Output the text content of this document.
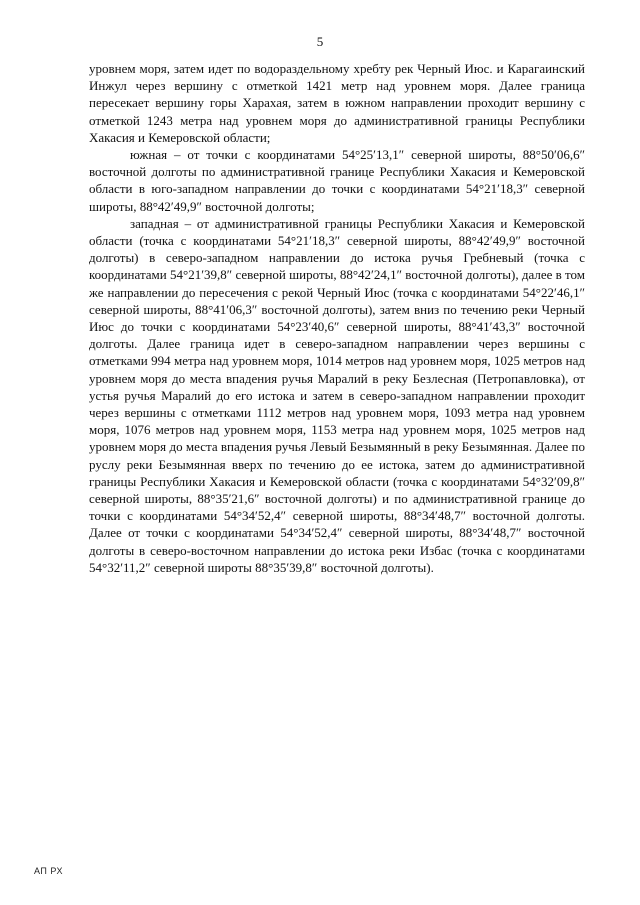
5

уровнем моря, затем идет по водораздельному хребту рек Черный Июс. и Карагаинский Инжул через вершину с отметкой 1421 метр над уровнем моря. Далее граница пересекает вершину горы Харахая, затем в южном направлении проходит вершину с отметкой 1243 метра над уровнем моря до административной границы Республики Хакасия и Кемеровской области;

южная – от точки с координатами 54°25′13,1″ северной широты, 88°50′06,6″ восточной долготы по административной границе Республики Хакасия и Кемеровской области в юго-западном направлении до точки с координатами 54°21′18,3″ северной широты, 88°42′49,9″ восточной долготы;

западная – от административной границы Республики Хакасия и Кемеровской области (точка с координатами 54°21′18,3″ северной широты, 88°42′49,9″ восточной долготы) в северо-западном направлении до истока ручья Гребневый (точка с координатами 54°21′39,8″ северной широты, 88°42′24,1″ восточной долготы), далее в том же направлении до пересечения с рекой Черный Июс (точка с координатами 54°22′46,1″ северной широты, 88°41′06,3″ восточной долготы), затем вниз по течению реки Черный Июс до точки с координатами 54°23′40,6″ северной широты, 88°41′43,3″ восточной долготы. Далее граница идет в северо-западном направлении через вершины с отметками 994 метра над уровнем моря, 1014 метров над уровнем моря, 1025 метров над уровнем моря до места впадения ручья Маралий в реку Безлесная (Петропавловка), от устья ручья Маралий до его истока и затем в северо-западном направлении проходит через вершины с отметками 1112 метров над уровнем моря, 1093 метра над уровнем моря, 1076 метров над уровнем моря, 1153 метра над уровнем моря, 1025 метров над уровнем моря до места впадения ручья Левый Безымянный в реку Безымянная. Далее по руслу реки Безымянная вверх по течению до ее истока, затем до административной границы Республики Хакасия и Кемеровской области (точка с координатами 54°32′09,8″ северной широты, 88°35′21,6″ восточной долготы) и по административной границе до точки с координатами 54°34′52,4″ северной широты, 88°34′48,7″ восточной долготы. Далее от точки с координатами 54°34′52,4″ северной широты, 88°34′48,7″ восточной долготы в северо-восточном направлении до истока реки Избас (точка с координатами 54°32′11,2″ северной широты 88°35′39,8″ восточной долготы).

АП РХ
